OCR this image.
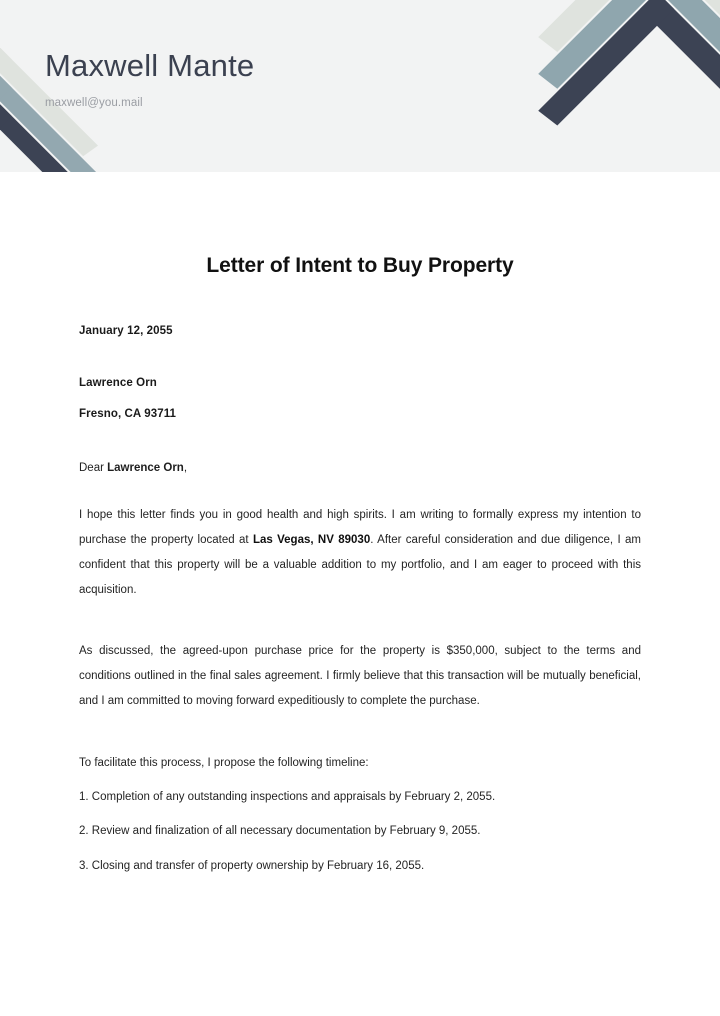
Maxwell Mante
maxwell@you.mail
Letter of Intent to Buy Property
January 12, 2055
Lawrence Orn
Fresno, CA 93711
Dear Lawrence Orn,
I hope this letter finds you in good health and high spirits. I am writing to formally express my intention to purchase the property located at Las Vegas, NV 89030. After careful consideration and due diligence, I am confident that this property will be a valuable addition to my portfolio, and I am eager to proceed with this acquisition.
As discussed, the agreed-upon purchase price for the property is $350,000, subject to the terms and conditions outlined in the final sales agreement. I firmly believe that this transaction will be mutually beneficial, and I am committed to moving forward expeditiously to complete the purchase.
To facilitate this process, I propose the following timeline:
1. Completion of any outstanding inspections and appraisals by February 2, 2055.
2. Review and finalization of all necessary documentation by February 9, 2055.
3. Closing and transfer of property ownership by February 16, 2055.
